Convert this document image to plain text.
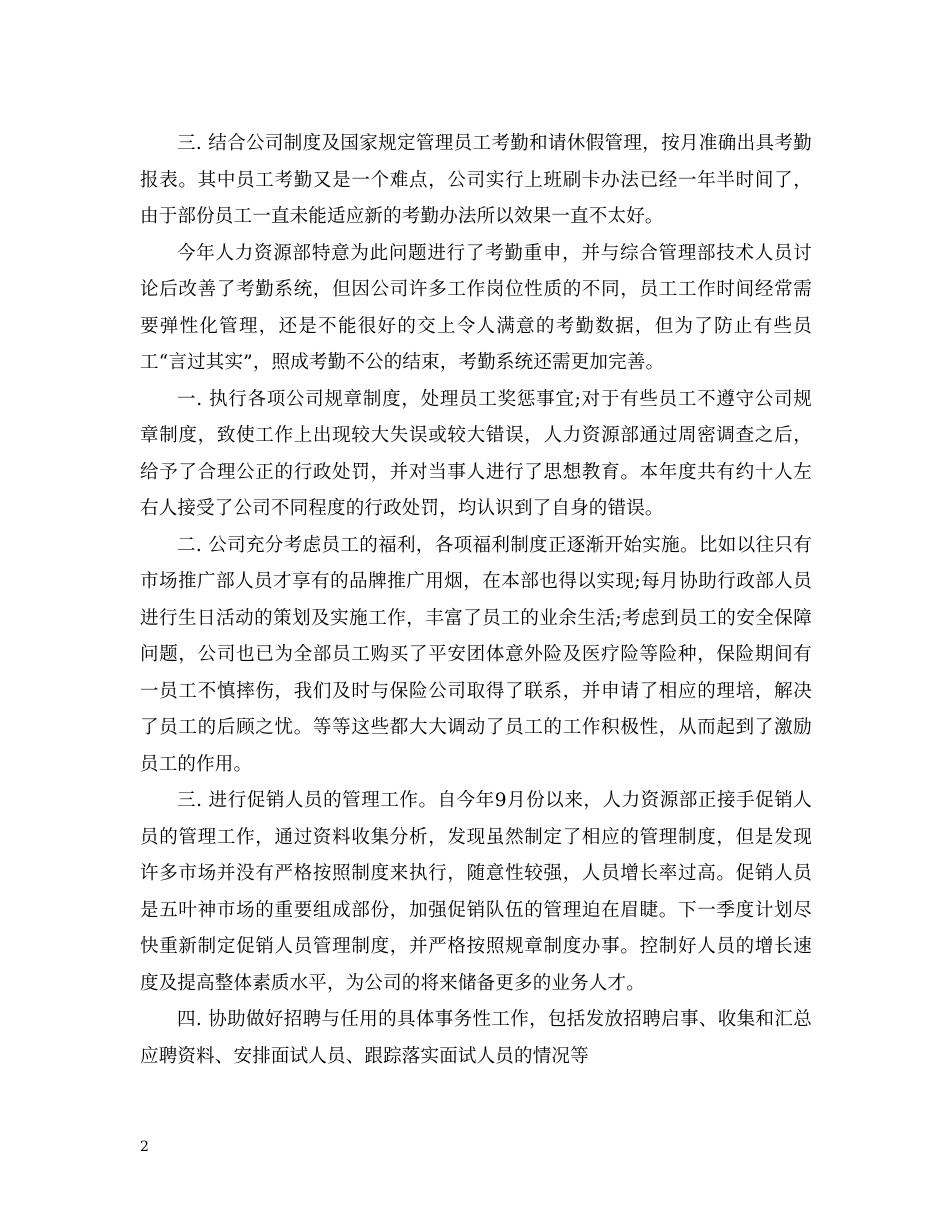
三. 结合公司制度及国家规定管理员工考勤和请休假管理，按月准确出具考勤报表。其中员工考勤又是一个难点，公司实行上班刷卡办法已经一年半时间了，由于部份员工一直未能适应新的考勤办法所以效果一直不太好。

今年人力资源部特意为此问题进行了考勤重申，并与综合管理部技术人员讨论后改善了考勤系统，但因公司许多工作岗位性质的不同，员工工作时间经常需要弹性化管理，还是不能很好的交上令人满意的考勤数据，但为了防止有些员工“言过其实”，照成考勤不公的结束，考勤系统还需更加完善。

一. 执行各项公司规章制度，处理员工奖惩事宜;对于有些员工不遵守公司规章制度，致使工作上出现较大失误或较大错误，人力资源部通过周密调查之后，给予了合理公正的行政处罚，并对当事人进行了思想教育。本年度共有约十人左右人接受了公司不同程度的行政处罚，均认识到了自身的错误。

二. 公司充分考虑员工的福利，各项福利制度正逐渐开始实施。比如以往只有市场推广部人员才享有的品牌推广用烟，在本部也得以实现;每月协助行政部人员进行生日活动的策划及实施工作，丰富了员工的业余生活;考虑到员工的安全保障问题，公司也已为全部员工购买了平安团体意外险及医疗险等险种，保险期间有一员工不慎摔伤，我们及时与保险公司取得了联系，并申请了相应的理培，解决了员工的后顾之忧。等等这些都大大调动了员工的工作积极性，从而起到了激励员工的作用。

三. 进行促销人员的管理工作。自今年9月份以来，人力资源部正接手促销人员的管理工作，通过资料收集分析，发现虽然制定了相应的管理制度，但是发现许多市场并没有严格按照制度来执行，随意性较强，人员增长率过高。促销人员是五叶神市场的重要组成部份，加强促销队伍的管理迫在眉睫。下一季度计划尽快重新制定促销人员管理制度，并严格按照规章制度办事。控制好人员的增长速度及提高整体素质水平，为公司的将来储备更多的业务人才。

四. 协助做好招聘与任用的具体事务性工作，包括发放招聘启事、收集和汇总应聘资料、安排面试人员、跟踪落实面试人员的情况等

2
